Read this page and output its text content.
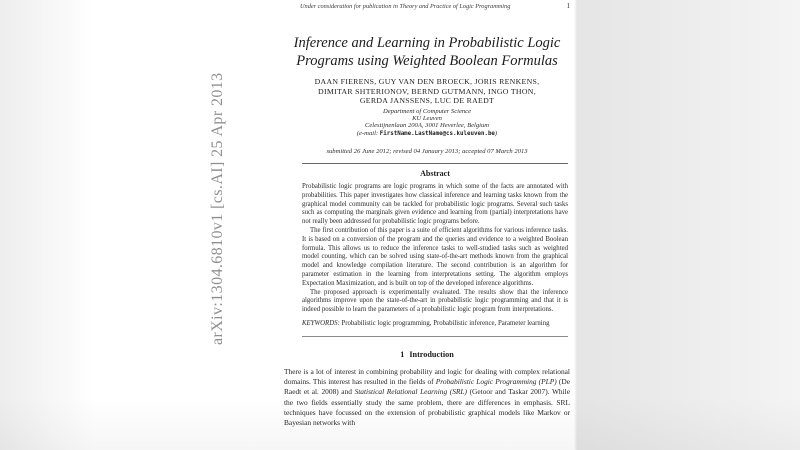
arXiv:1304.6810v1 [cs.AI] 25 Apr 2013
Under consideration for publication in Theory and Practice of Logic Programming	1
Inference and Learning in Probabilistic Logic
Programs using Weighted Boolean Formulas
DAAN FIERENS, GUY VAN DEN BROECK, JORIS RENKENS,
DIMITAR SHTERIONOV, BERND GUTMANN, INGO THON,
GERDA JANSSENS, LUC DE RAEDT
Department of Computer Science
KU Leuven
Celestijnenlaan 200A, 3001 Heverlee, Belgium
(e-mail: FirstName.LastName@cs.kuleuven.be)
submitted 26 June 2012; revised 04 January 2013; accepted 07 March 2013
Abstract

Probabilistic logic programs are logic programs in which some of the facts are annotated with probabilities. This paper investigates how classical inference and learning tasks known from the graphical model community can be tackled for probabilistic logic programs. Several such tasks such as computing the marginals given evidence and learning from (partial) interpretations have not really been addressed for probabilistic logic programs before.

The first contribution of this paper is a suite of efficient algorithms for various inference tasks. It is based on a conversion of the program and the queries and evidence to a weighted Boolean formula. This allows us to reduce the inference tasks to well-studied tasks such as weighted model counting, which can be solved using state-of-the-art methods known from the graphical model and knowledge compilation literature. The second contribution is an algorithm for parameter estimation in the learning from interpretations setting. The algorithm employs Expectation Maximization, and is built on top of the developed inference algorithms.

The proposed approach is experimentally evaluated. The results show that the inference algorithms improve upon the state-of-the-art in probabilistic logic programming and that it is indeed possible to learn the parameters of a probabilistic logic program from interpretations.

KEYWORDS: Probabilistic logic programming, Probabilistic inference, Parameter learning

1 Introduction

There is a lot of interest in combining probability and logic for dealing with complex relational domains. This interest has resulted in the fields of Probabilistic Logic Programming (PLP) (De Raedt et al. 2008) and Statistical Relational Learning (SRL) (Getoor and Taskar 2007). While the two fields essentially study the same problem, there are differences in emphasis. SRL techniques have focussed on the extension of probabilistic graphical models like Markov or Bayesian networks with
